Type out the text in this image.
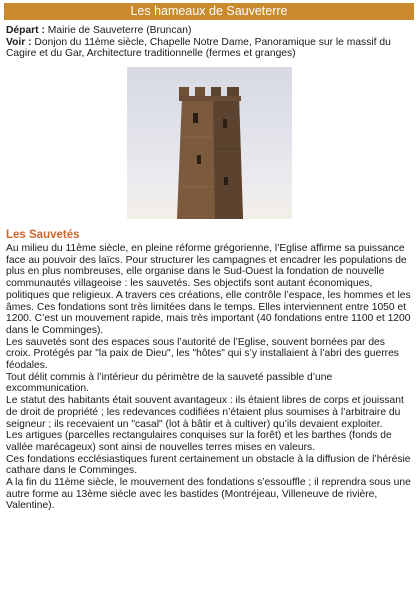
Les hameaux de Sauveterre
Départ : Mairie de Sauveterre (Bruncan)
Voir : Donjon du 11ème siècle, Chapelle Notre Dame, Panoramique sur le massif du Cagire et du Gar, Architecture traditionnelle (fermes et granges)
Les Sauvetés

Au milieu du 11ème siècle, en pleine réforme grégorienne, l’Eglise affirme sa puissance face au pouvoir des laïcs. Pour structurer les campagnes et encadrer les populations de plus en plus nombreuses, elle organise dans le Sud-Ouest la fondation de nouvelle communautés villageoise : les sauvetés. Ses objectifs sont autant économiques, politiques que religieux. A travers ces créations, elle contrôle l’espace, les hommes et les âmes. Ces fondations sont très limitées dans le temps. Elles interviennent entre 1050 et 1200. C’est un mouvement rapide, mais très important (40 fondations entre 1100 et 1200 dans le Comminges).

Les sauvetés sont des espaces sous l’autorité de l’Eglise, souvent bornées par des croix. Protégés par "la paix de Dieu", les "hôtes" qui s’y installaient à l’abri des guerres féodales.

Tout délit commis à l’intérieur du périmètre de la sauveté passible d’une excommunication.

Le statut des habitants était souvent avantageux : ils étaient libres de corps et jouissant de droit de propriété ; les redevances codifiées n’étaient plus soumises à l’arbitraire du seigneur ; ils recevaient un "casal" (lot à bâtir et à cultiver) qu’ils devaient exploiter.

Les artigues (parcelles rectangulaires conquises sur la forêt) et les barthes (fonds de vallée marécageux) sont ainsi de nouvelles terres mises en valeurs.

Ces fondations ecclésiastiques furent certainement un obstacle à la diffusion de l’hérésie cathare dans le Comminges.

A la fin du 11ème siècle, le mouvement des fondations s’essouffle ; il reprendra sous une autre forme au 13ème siècle avec les bastides (Montréjeau, Villeneuve de rivière, Valentine).
